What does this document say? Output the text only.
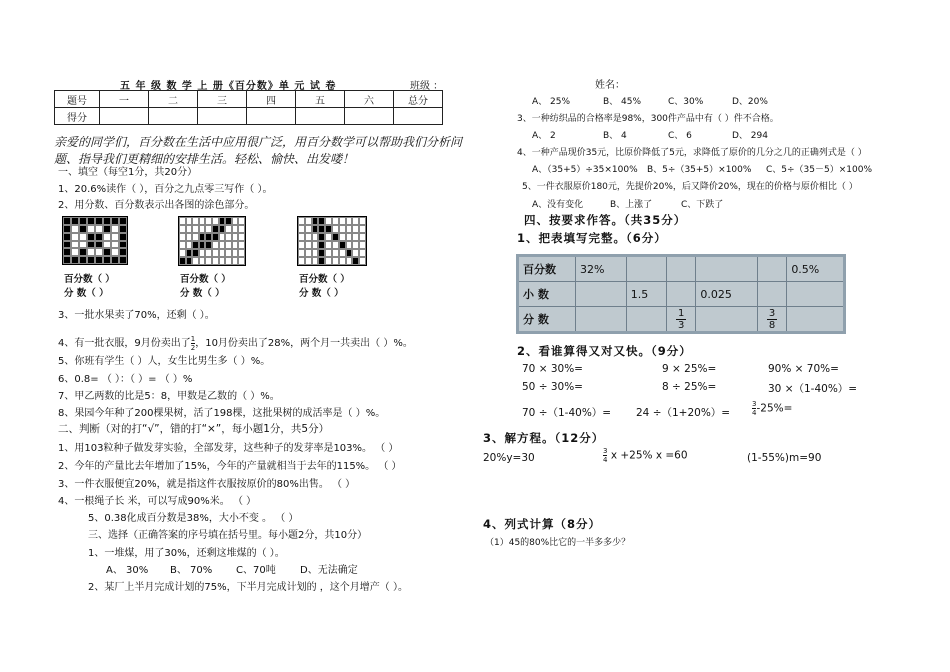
五 年 级 数 学 上 册《百分数》单 元 试 卷	班级 ：	姓名：
题号	一	二	三	四	五	六	总分
得分							
亲爱的同学们，百分数在生活中应用很广泛，用百分数学可以帮助我们分析问题、指导我们更精细的安排生活。轻松、愉快、出发喽！
一、填空（每空1分，共20分）
1、20.6%读作（ ），百分之九点零三写作（ ）。
2、用分数、百分数表示出各图的涂色部分。
百分数（ ）
分 数（ ）
百分数（ ）
分 数（ ）
百分数（ ）
分 数（ ）
3、一批水果卖了70%，还剩（ ）。
4、有一批衣服，9月份卖出了 $\frac{1}{2}$ ，10月份卖出了28%，两个月一共卖出（ ）%。
5、你班有学生（ ）人，女生比男生多（ ）%。
6、0.8= （ ）：（ ）= （ ）%
7、甲乙两数的比是5：8，甲数是乙数的（ ）%。
8、果园今年种了200棵果树，活了198棵，这批果树的成活率是（ ）%。
二、判断（对的打“√”，错的打“×”，每小题1分，共5分）
1、用103粒种子做发芽实验，全部发芽，这些种子的发芽率是103%。 （ ）
2、今年的产量比去年增加了15%，今年的产量就相当于去年的115%。 （ ）
3、一件衣服便宜20%，就是指这件衣服按原价的80%出售。 （ ）
4、一根绳子长 米，可以写成90%米。 （ ）
5、0.38化成百分数是38%，大小不变 。 （ ）
三、选择（正确答案的序号填在括号里。每小题2分，共10分）
1、一堆煤，用了30%，还剩这堆煤的（ ）。
A、 30% B、 70% C、70吨 D、无法确定
2、某厂上半月完成计划的75%，下半月完成计划的 ，这个月增产（ ）。
A、 25%	B、 45%	C、30%	D、20%
3、一种纺织品的合格率是98%，300件产品中有（ ）件不合格。
A、 2	B、 4	C、 6	D、 294
4、一种产品现价35元，比原价降低了5元，求降低了原价的几分之几的正确列式是（ ）
A、（35+5）÷35×100% B、5÷（35+5）×100% C、5÷（35－5）×100%
5、一件衣服原价180元，先提价20%，后又降价20%，现在的价格与原价相比（ ）
A、没有变化	B、上涨了	C、下跌了
四、按要求作答。（共35分）
1、把表填写完整。（6分）
百分数	32%					0.5%
小 数		1.5		0.025		
分 数			$\frac{1}{3}$		$\frac{3}{8}$

2、看谁算得又对又快。（9分）
70 × 30%=	9 × 25%=	90% × 70%=
50 ÷ 30%=	8 ÷ 25%=	30 ×（1-40%）=
70 ÷（1-40%）= 24 ÷（1+20%）=	$\frac{3}{4} -25\%=$
3、解方程。（12分）
20%y=30	$\frac{3}{4}$ x +25% x =60	(1-55%)m=90
4、列式计算（8分）
（1）45的80%比它的一半多多少？
